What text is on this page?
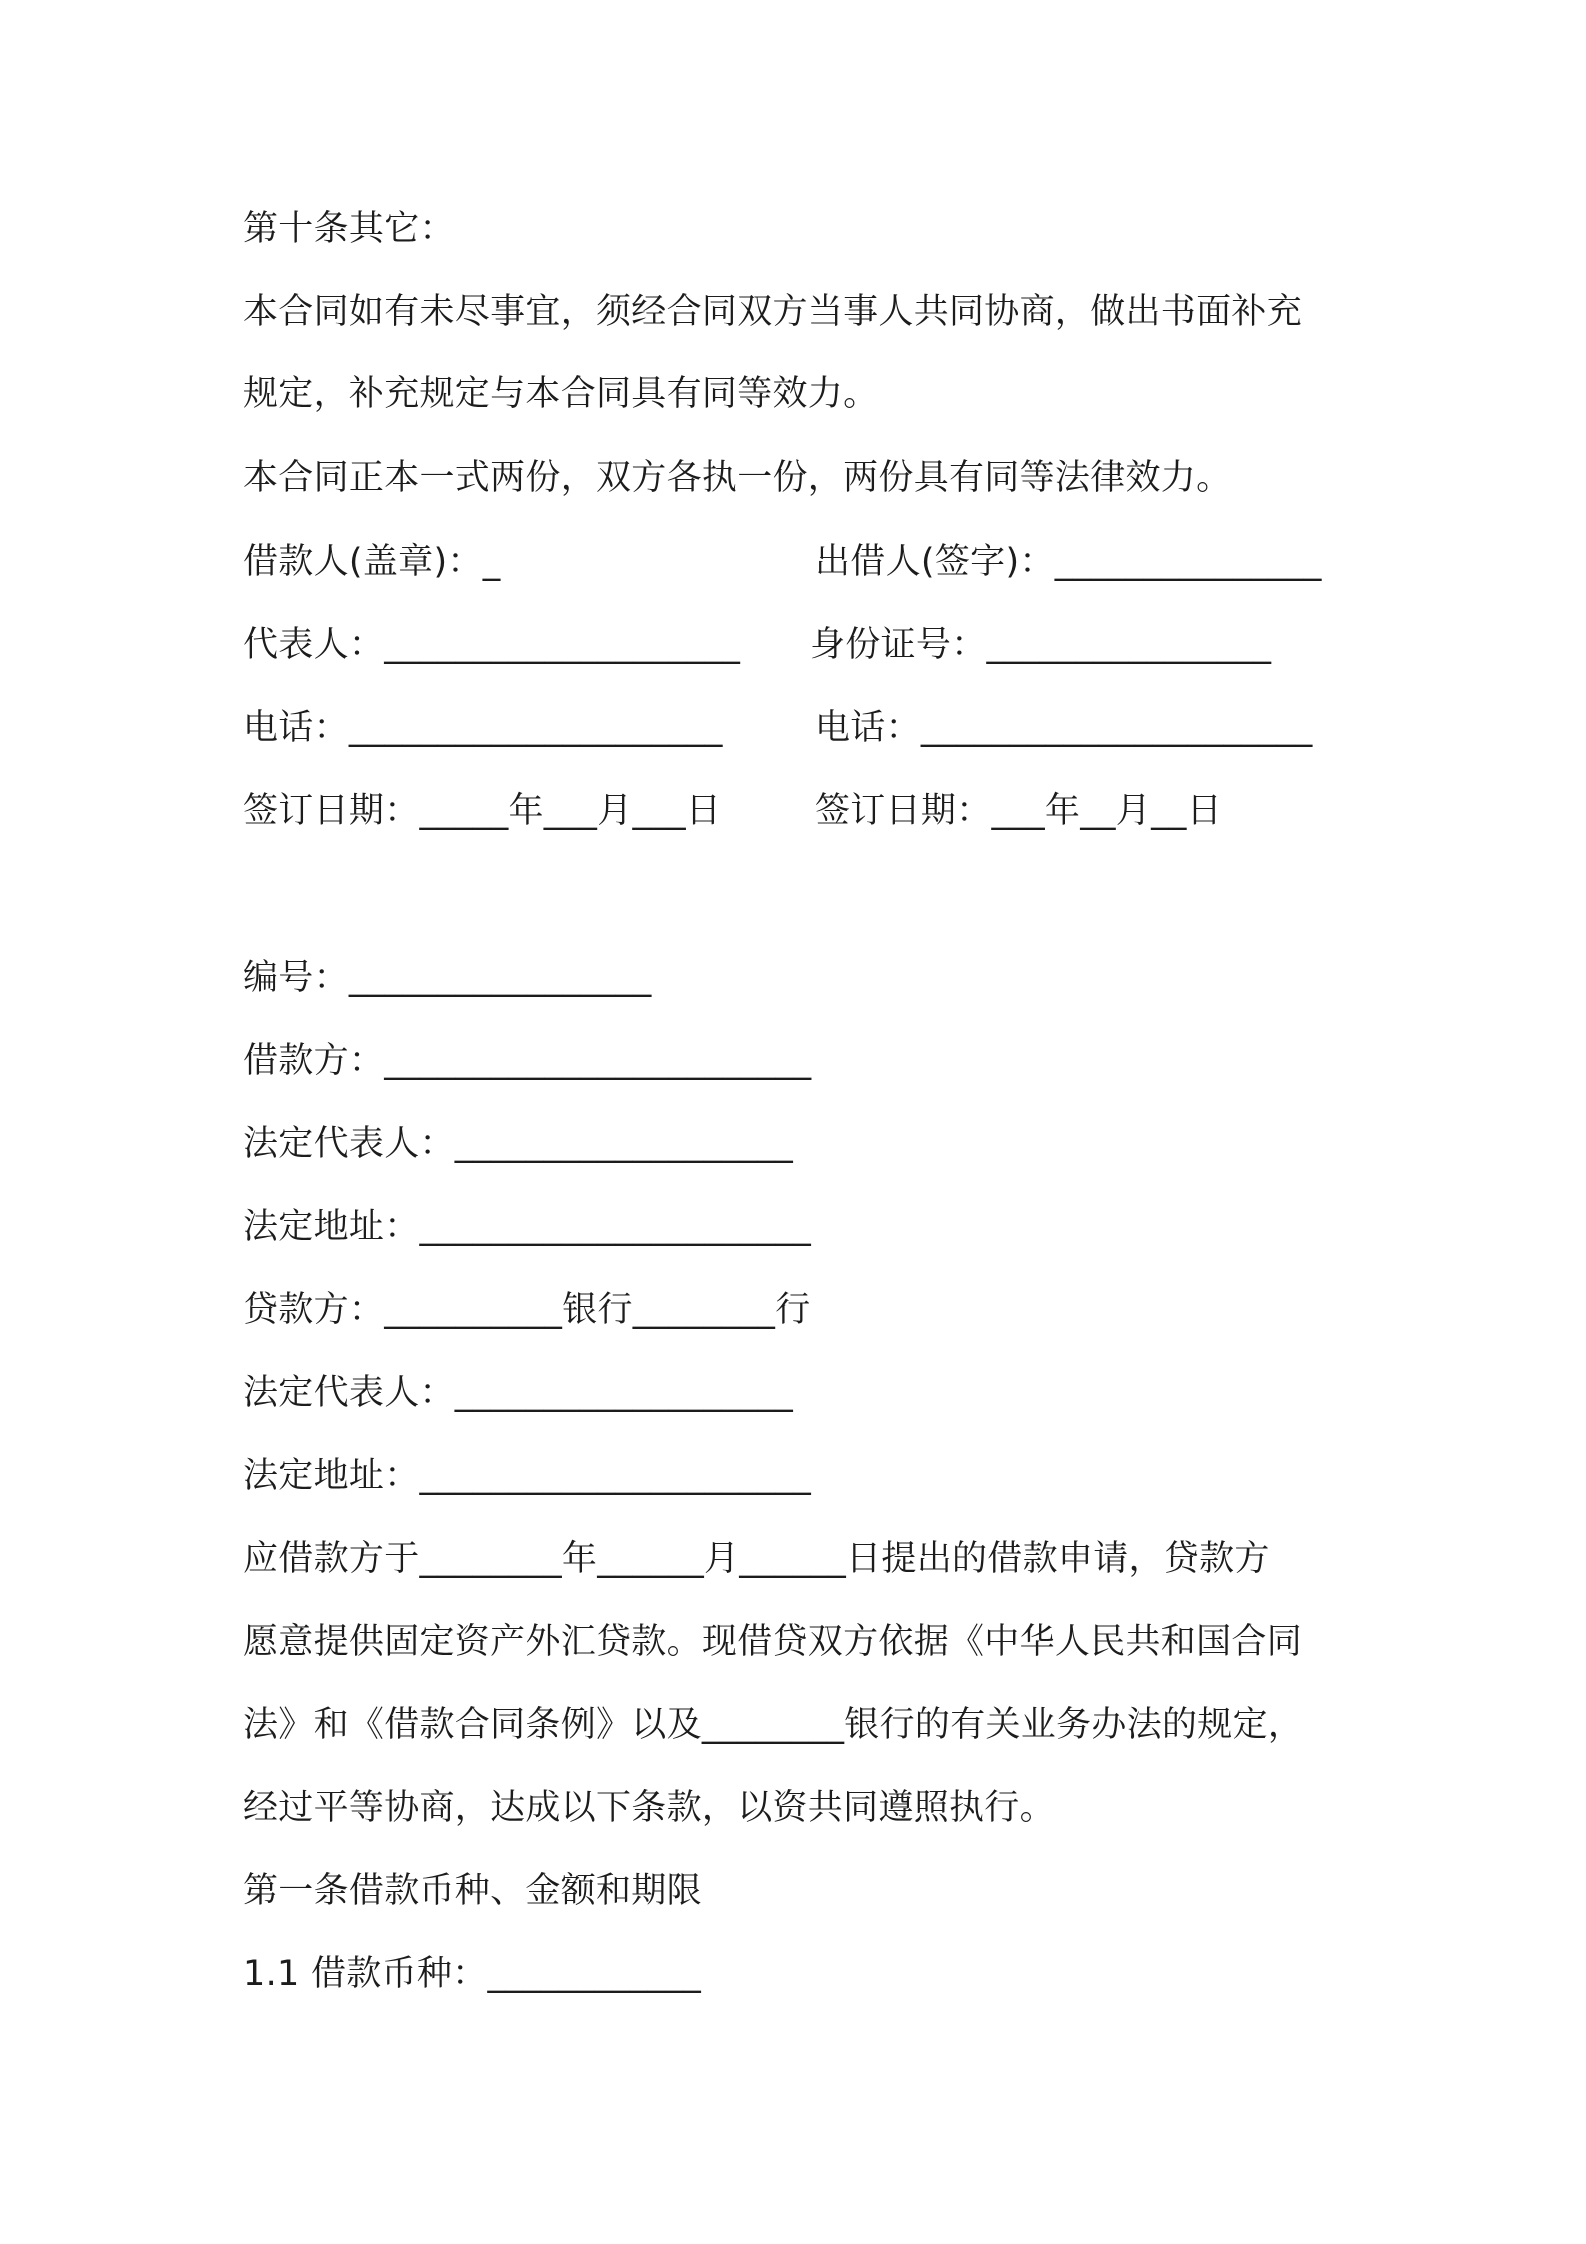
第十条其它：
本合同如有未尽事宜，须经合同双方当事人共同协商，做出书面补充
规定，补充规定与本合同具有同等效力。
本合同正本一式两份，双方各执一份，两份具有同等法律效力。
借款人(盖章)：_	出借人(签字)：_______________
代表人：____________________ 身份证号：________________
电话：_____________________	电话：______________________
签订日期：_____年___月___日	签订日期：___年__月__日
编号：_________________
借款方：________________________
法定代表人：___________________
法定地址：______________________
贷款方：__________银行________行
法定代表人：___________________
法定地址：______________________
应借款方于________年______月______日提出的借款申请，贷款方
愿意提供固定资产外汇贷款。现借贷双方依据《中华人民共和国合同
法》和《借款合同条例》以及________银行的有关业务办法的规定，
经过平等协商，达成以下条款，以资共同遵照执行。
第一条借款币种、金额和期限
1.1 借款币种：____________
